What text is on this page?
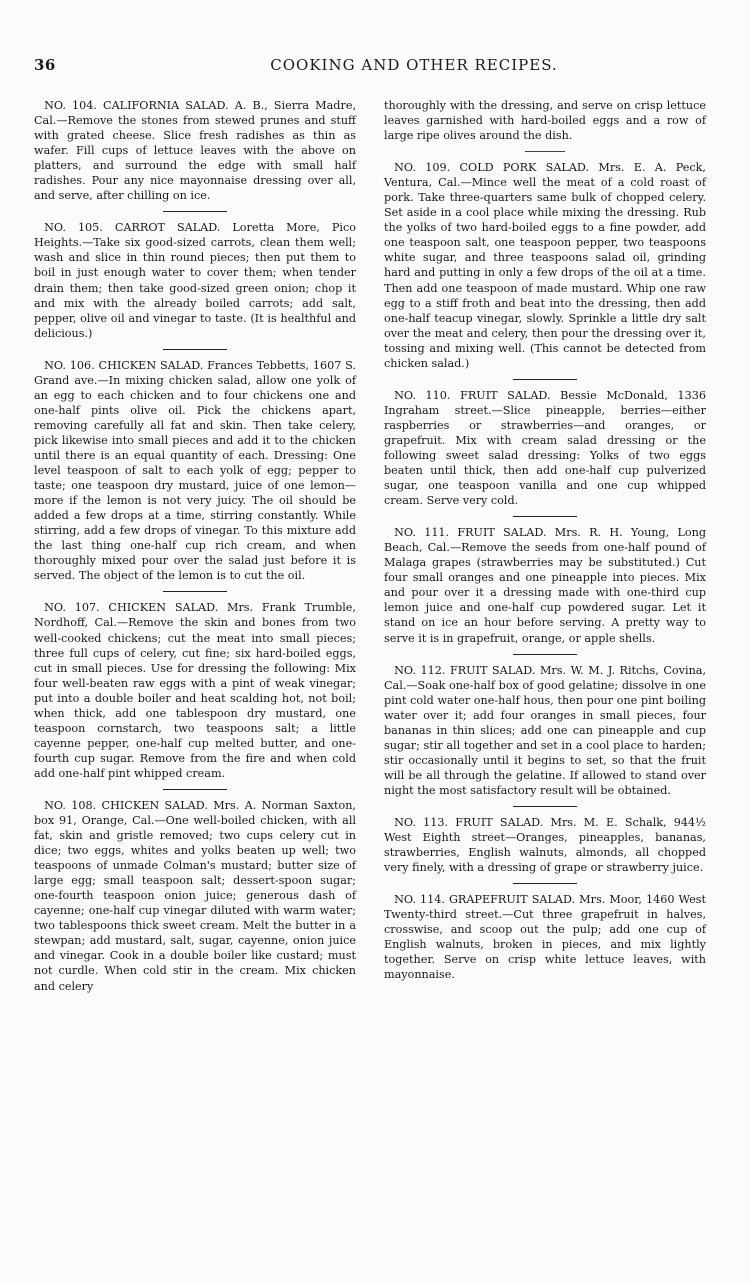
36	COOKING AND OTHER RECIPES.

NO. 104. CALIFORNIA SALAD. A. B., Sierra Madre, Cal.—Remove the stones from stewed prunes and stuff with grated cheese. Slice fresh radishes as thin as wafer. Fill cups of lettuce leaves with the above on platters, and surround the edge with small half radishes. Pour any nice mayonnaise dressing over all, and serve, after chilling on ice.

NO. 105. CARROT SALAD. Loretta More, Pico Heights.—Take six good-sized carrots, clean them well; wash and slice in thin round pieces; then put them to boil in just enough water to cover them; when tender drain them; then take good-sized green onion; chop it and mix with the already boiled carrots; add salt, pepper, olive oil and vinegar to taste. (It is healthful and delicious.)

NO. 106. CHICKEN SALAD. Frances Tebbetts, 1607 S. Grand ave.—In mixing chicken salad, allow one yolk of an egg to each chicken and to four chickens one and one-half pints olive oil. Pick the chickens apart, removing carefully all fat and skin. Then take celery, pick likewise into small pieces and add it to the chicken until there is an equal quantity of each. Dressing: One level teaspoon of salt to each yolk of egg; pepper to taste; one teaspoon dry mustard, juice of one lemon—more if the lemon is not very juicy. The oil should be added a few drops at a time, stirring constantly. While stirring, add a few drops of vinegar. To this mixture add the last thing one-half cup rich cream, and when thoroughly mixed pour over the salad just before it is served. The object of the lemon is to cut the oil.

NO. 107. CHICKEN SALAD. Mrs. Frank Trumble, Nordhoff, Cal.—Remove the skin and bones from two well-cooked chickens; cut the meat into small pieces; three full cups of celery, cut fine; six hard-boiled eggs, cut in small pieces. Use for dressing the following: Mix four well-beaten raw eggs with a pint of weak vinegar; put into a double boiler and heat scalding hot, not boil; when thick, add one tablespoon dry mustard, one teaspoon cornstarch, two teaspoons salt; a little cayenne pepper, one-half cup melted butter, and one-fourth cup sugar. Remove from the fire and when cold add one-half pint whipped cream.

NO. 108. CHICKEN SALAD. Mrs. A. Norman Saxton, box 91, Orange, Cal.—One well-boiled chicken, with all fat, skin and gristle removed; two cups celery cut in dice; two eggs, whites and yolks beaten up well; two teaspoons of unmade Colman's mustard; butter size of large egg; small teaspoon salt; dessert-spoon sugar; one-fourth teaspoon onion juice; generous dash of cayenne; one-half cup vinegar diluted with warm water; two tablespoons thick sweet cream. Melt the butter in a stewpan; add mustard, salt, sugar, cayenne, onion juice and vinegar. Cook in a double boiler like custard; must not curdle. When cold stir in the cream. Mix chicken and celery

thoroughly with the dressing, and serve on crisp lettuce leaves garnished with hard-boiled eggs and a row of large ripe olives around the dish.

NO. 109. COLD PORK SALAD. Mrs. E. A. Peck, Ventura, Cal.—Mince well the meat of a cold roast of pork. Take three-quarters same bulk of chopped celery. Set aside in a cool place while mixing the dressing. Rub the yolks of two hard-boiled eggs to a fine powder, add one teaspoon salt, one teaspoon pepper, two teaspoons white sugar, and three teaspoons salad oil, grinding hard and putting in only a few drops of the oil at a time. Then add one teaspoon of made mustard. Whip one raw egg to a stiff froth and beat into the dressing, then add one-half teacup vinegar, slowly. Sprinkle a little dry salt over the meat and celery, then pour the dressing over it, tossing and mixing well. (This cannot be detected from chicken salad.)

NO. 110. FRUIT SALAD. Bessie McDonald, 1336 Ingraham street.—Slice pineapple, berries—either raspberries or strawberries—and oranges, or grapefruit. Mix with cream salad dressing or the following sweet salad dressing: Yolks of two eggs beaten until thick, then add one-half cup pulverized sugar, one teaspoon vanilla and one cup whipped cream. Serve very cold.

NO. 111. FRUIT SALAD. Mrs. R. H. Young, Long Beach, Cal.—Remove the seeds from one-half pound of Malaga grapes (strawberries may be substituted.) Cut four small oranges and one pineapple into pieces. Mix and pour over it a dressing made with one-third cup lemon juice and one-half cup powdered sugar. Let it stand on ice an hour before serving. A pretty way to serve it is in grapefruit, orange, or apple shells.

NO. 112. FRUIT SALAD. Mrs. W. M. J. Ritchs, Covina, Cal.—Soak one-half box of good gelatine; dissolve in one pint cold water one-half hous, then pour one pint boiling water over it; add four oranges in small pieces, four bananas in thin slices; add one can pineapple and cup sugar; stir all together and set in a cool place to harden; stir occasionally until it begins to set, so that the fruit will be all through the gelatine. If allowed to stand over night the most satisfactory result will be obtained.

NO. 113. FRUIT SALAD. Mrs. M. E. Schalk, 944½ West Eighth street—Oranges, pineapples, bananas, strawberries, English walnuts, almonds, all chopped very finely, with a dressing of grape or strawberry juice.

NO. 114. GRAPEFRUIT SALAD. Mrs. Moor, 1460 West Twenty-third street.—Cut three grapefruit in halves, crosswise, and scoop out the pulp; add one cup of English walnuts, broken in pieces, and mix lightly together. Serve on crisp white lettuce leaves, with mayonnaise.
